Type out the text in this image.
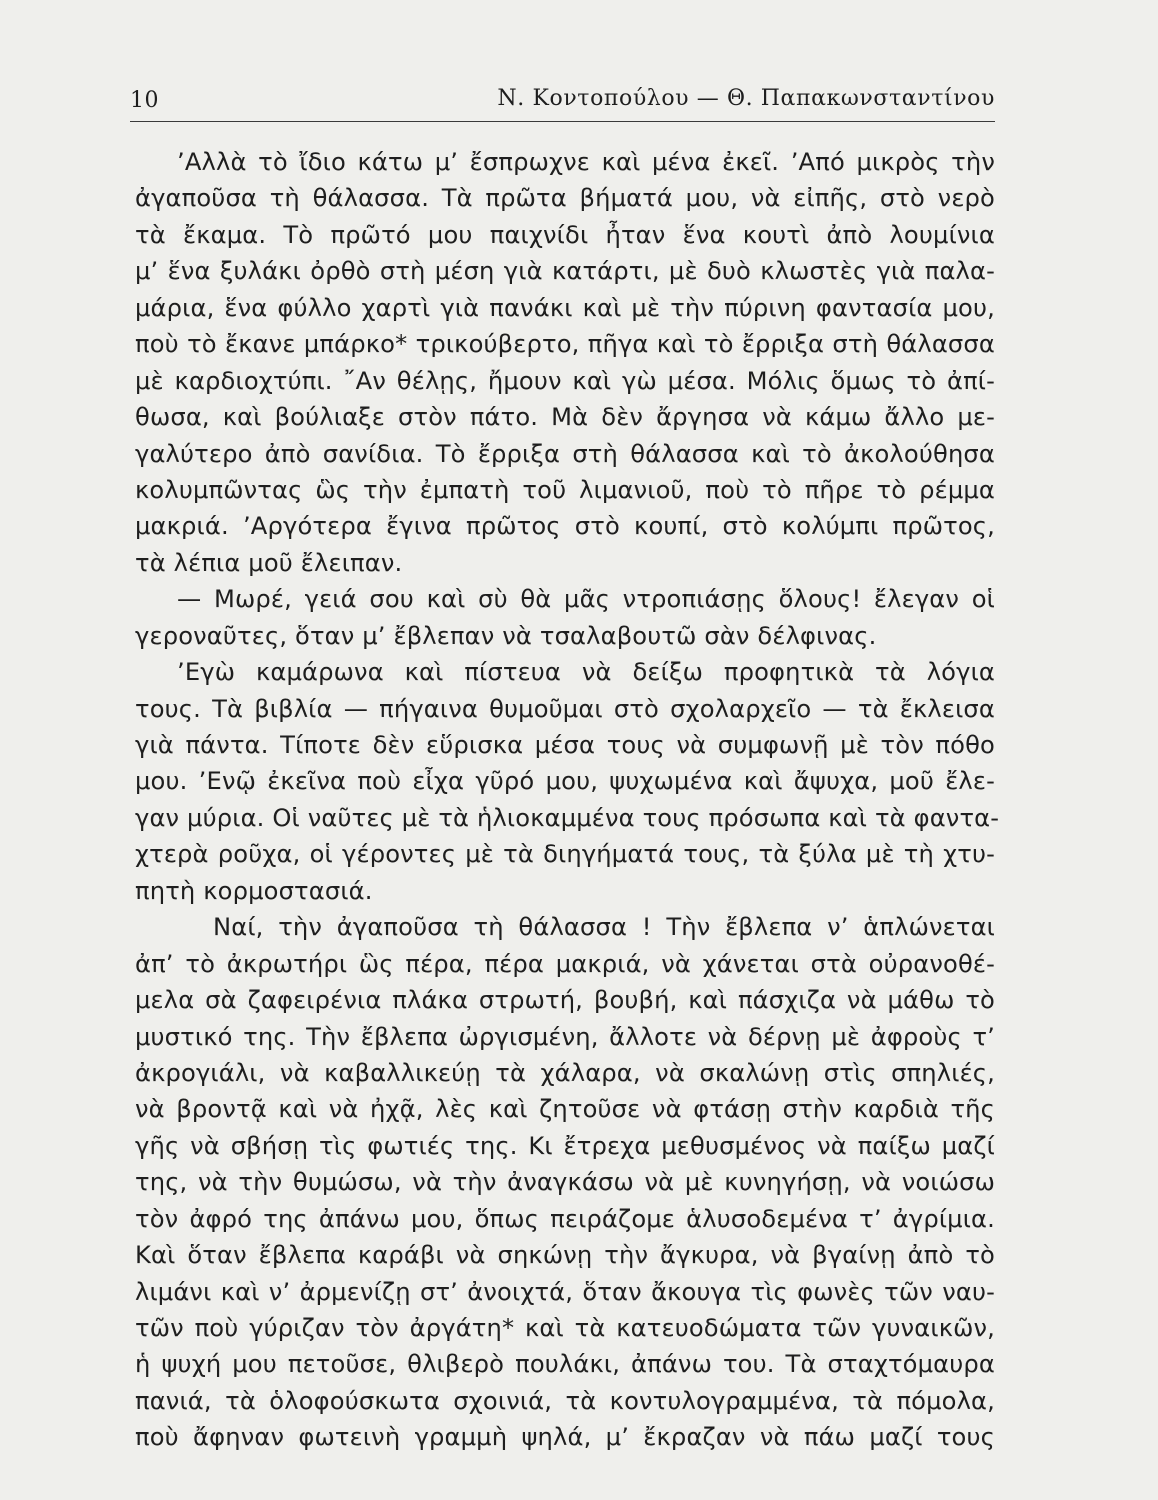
10	Ν. Κοντοπούλου — Θ. Παπακωνσταντίνου
’Αλλὰ τὸ ἴδιο κάτω μ’ ἔσπρωχνε καὶ μένα ἐκεῖ. ’Από μικρὸς τὴν
ἀγαποῦσα τὴ θάλασσα. Τὰ πρῶτα βήματά μου, νὰ εἰπῆς, στὸ νερὸ
τὰ ἔκαμα. Τὸ πρῶτό μου παιχνίδι ἦταν ἕνα κουτὶ ἀπὸ λουμίνια
μ’ ἕνα ξυλάκι ὀρθὸ στὴ μέση γιὰ κατάρτι, μὲ δυὸ κλωστὲς γιὰ παλα-
μάρια, ἕνα φύλλο χαρτὶ γιὰ πανάκι καὶ μὲ τὴν πύρινη φαντασία μου,
ποὺ τὸ ἔκανε μπάρκο* τρικούβερτο, πῆγα καὶ τὸ ἔρριξα στὴ θάλασσα
μὲ καρδιοχτύπι. ῎Αν θέλῃς, ἤμουν καὶ γὼ μέσα. Μόλις ὅμως τὸ ἀπί-
θωσα, καὶ βούλιαξε στὸν πάτο. Μὰ δὲν ἄργησα νὰ κάμω ἄλλο με-
γαλύτερο ἀπὸ σανίδια. Τὸ ἔρριξα στὴ θάλασσα καὶ τὸ ἀκολούθησα
κολυμπῶντας ὣς τὴν ἐμπατὴ τοῦ λιμανιοῦ, ποὺ τὸ πῆρε τὸ ρέμμα
μακριά. ’Αργότερα ἔγινα πρῶτος στὸ κουπί, στὸ κολύμπι πρῶτος,
τὰ λέπια μοῦ ἔλειπαν.
— Μωρέ, γειά σου καὶ σὺ θὰ μᾶς ντροπιάσῃς ὅλους! ἔλεγαν οἱ
γεροναῦτες, ὅταν μ’ ἔβλεπαν νὰ τσαλαβουτῶ σὰν δέλφινας.
’Εγὼ καμάρωνα καὶ πίστευα νὰ δείξω προφητικὰ τὰ λόγια
τους. Τὰ βιβλία — πήγαινα θυμοῦμαι στὸ σχολαρχεῖο — τὰ ἔκλεισα
γιὰ πάντα. Τίποτε δὲν εὕρισκα μέσα τους νὰ συμφωνῇ μὲ τὸν πόθο
μου. ’Ενῷ ἐκεῖνα ποὺ εἶχα γῦρό μου, ψυχωμένα καὶ ἄψυχα, μοῦ ἔλε-
γαν μύρια. Οἱ ναῦτες μὲ τὰ ἡλιοκαμμένα τους πρόσωπα καὶ τὰ φαντα-
χτερὰ ροῦχα, οἱ γέροντες μὲ τὰ διηγήματά τους, τὰ ξύλα μὲ τὴ χτυ-
πητὴ κορμοστασιά.
Ναί, τὴν ἀγαποῦσα τὴ θάλασσα ! Τὴν ἔβλεπα ν’ ἁπλώνεται
ἀπ’ τὸ ἀκρωτήρι ὣς πέρα, πέρα μακριά, νὰ χάνεται στὰ οὐρανοθέ-
μελα σὰ ζαφειρένια πλάκα στρωτή, βουβή, καὶ πάσχιζα νὰ μάθω τὸ
μυστικό της. Τὴν ἔβλεπα ὠργισμένη, ἄλλοτε νὰ δέρνῃ μὲ ἀφροὺς τ’
ἀκρογιάλι, νὰ καβαλλικεύῃ τὰ χάλαρα, νὰ σκαλώνῃ στὶς σπηλιές,
νὰ βροντᾷ καὶ νὰ ἠχᾷ, λὲς καὶ ζητοῦσε νὰ φτάσῃ στὴν καρδιὰ τῆς
γῆς νὰ σβήσῃ τὶς φωτιές της. Κι ἔτρεχα μεθυσμένος νὰ παίξω μαζί
της, νὰ τὴν θυμώσω, νὰ τὴν ἀναγκάσω νὰ μὲ κυνηγήσῃ, νὰ νοιώσω
τὸν ἀφρό της ἀπάνω μου, ὅπως πειράζομε ἁλυσοδεμένα τ’ ἀγρίμια.
Καὶ ὅταν ἔβλεπα καράβι νὰ σηκώνῃ τὴν ἄγκυρα, νὰ βγαίνῃ ἀπὸ τὸ
λιμάνι καὶ ν’ ἀρμενίζῃ στ’ ἀνοιχτά, ὅταν ἄκουγα τὶς φωνὲς τῶν ναυ-
τῶν ποὺ γύριζαν τὸν ἀργάτη* καὶ τὰ κατευοδώματα τῶν γυναικῶν,
ἡ ψυχή μου πετοῦσε, θλιβερὸ πουλάκι, ἀπάνω του. Τὰ σταχτόμαυρα
πανιά, τὰ ὁλοφούσκωτα σχοινιά, τὰ κοντυλογραμμένα, τὰ πόμολα,
ποὺ ἄφηναν φωτεινὴ γραμμὴ ψηλά, μ’ ἔκραζαν νὰ πάω μαζί τους
